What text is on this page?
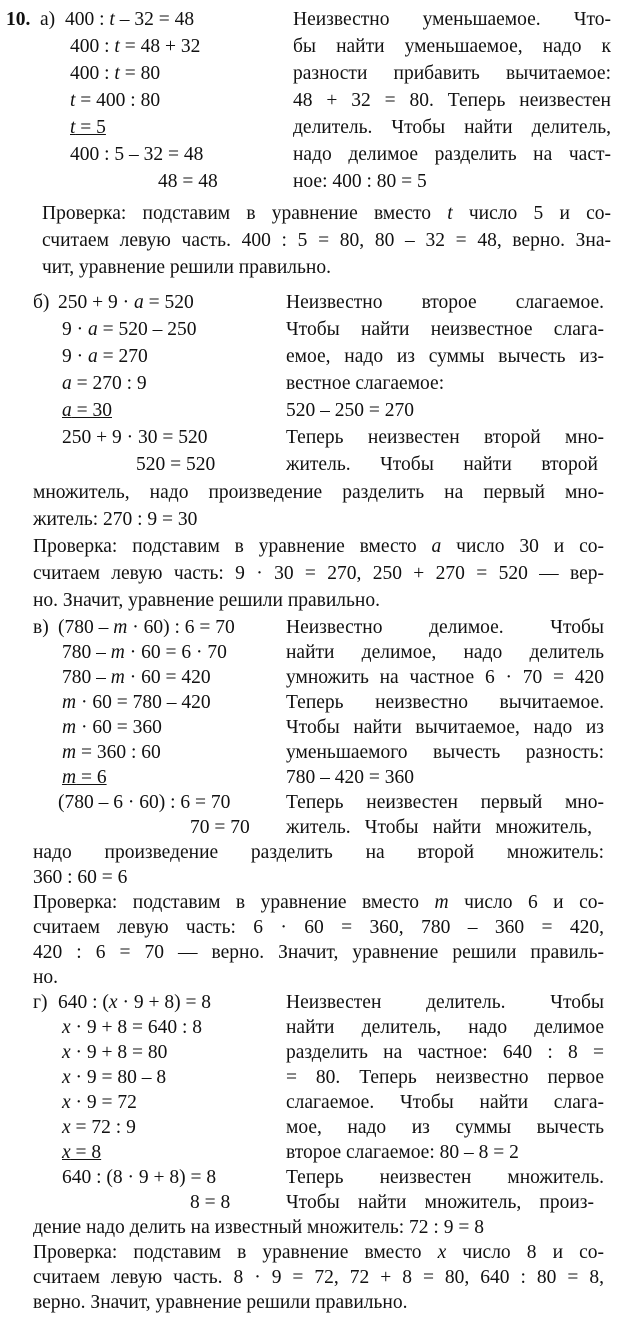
10. а) 400 : t – 32 = 48
400 : t = 48 + 32
400 : t = 80
t = 400 : 80
t = 5
400 : 5 – 32 = 48
48 = 48
Неизвестно уменьшаемое. Что-
бы найти уменьшаемое, надо к
разности прибавить вычитаемое:
48 + 32 = 80. Теперь неизвестен
делитель. Чтобы найти делитель,
надо делимое разделить на част-
ное: 400 : 80 = 5
Проверка: подставим в уравнение вместо t число 5 и со-
считаем левую часть. 400 : 5 = 80, 80 – 32 = 48, верно. Зна-
чит, уравнение решили правильно.
б) 250 + 9 · a = 520
9 · a = 520 – 250
9 · a = 270
a = 270 : 9
a = 30
250 + 9 · 30 = 520
520 = 520
Неизвестно второе слагаемое.
Чтобы найти неизвестное слага-
емое, надо из суммы вычесть из-
вестное слагаемое:
520 – 250 = 270
Теперь неизвестен второй мно-
житель. Чтобы найти второй
множитель, надо произведение разделить на первый мно-
житель: 270 : 9 = 30
Проверка: подставим в уравнение вместо a число 30 и со-
считаем левую часть: 9 · 30 = 270, 250 + 270 = 520 — вер-
но. Значит, уравнение решили правильно.
в) (780 – m · 60) : 6 = 70
780 – m · 60 = 6 · 70
780 – m · 60 = 420
m · 60 = 780 – 420
m · 60 = 360
m = 360 : 60
m = 6
(780 – 6 · 60) : 6 = 70
70 = 70
Неизвестно делимое. Чтобы
найти делимое, надо делитель
умножить на частное 6 · 70 = 420
Теперь неизвестно вычитаемое.
Чтобы найти вычитаемое, надо из
уменьшаемого вычесть разность:
780 – 420 = 360
Теперь неизвестен первый мно-
житель. Чтобы найти множитель,
надо произведение разделить на второй множитель:
360 : 60 = 6
Проверка: подставим в уравнение вместо m число 6 и со-
считаем левую часть: 6 · 60 = 360, 780 – 360 = 420,
420 : 6 = 70 — верно. Значит, уравнение решили правиль-
но.
г) 640 : (x · 9 + 8) = 8
x · 9 + 8 = 640 : 8
x · 9 + 8 = 80
x · 9 = 80 – 8
x · 9 = 72
x = 72 : 9
x = 8
640 : (8 · 9 + 8) = 8
8 = 8
Неизвестен делитель. Чтобы
найти делитель, надо делимое
разделить на частное: 640 : 8 =
= 80. Теперь неизвестно первое
слагаемое. Чтобы найти слага-
мое, надо из суммы вычесть
второе слагаемое: 80 – 8 = 2
Теперь неизвестен множитель.
Чтобы найти множитель, произ-
дение надо делить на известный множитель: 72 : 9 = 8
Проверка: подставим в уравнение вместо x число 8 и со-
считаем левую часть. 8 · 9 = 72, 72 + 8 = 80, 640 : 80 = 8,
верно. Значит, уравнение решили правильно.
